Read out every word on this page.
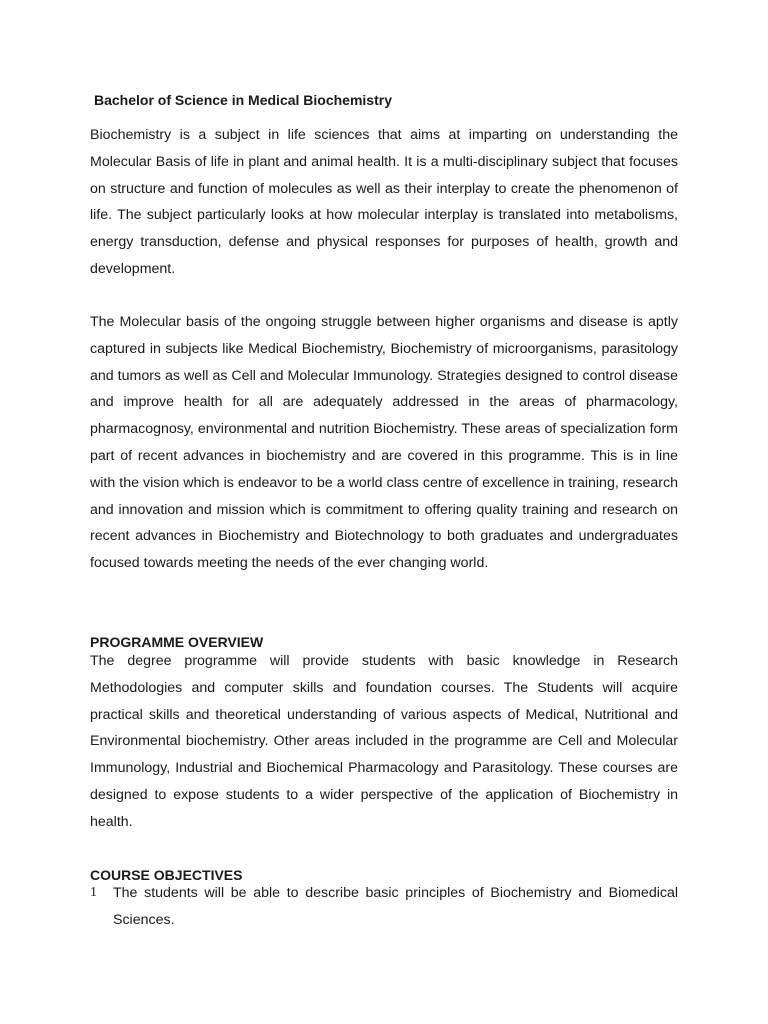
Bachelor of Science in Medical Biochemistry

Biochemistry is a subject in life sciences that aims at imparting on understanding the Molecular Basis of life in plant and animal health. It is a multi-disciplinary subject that focuses on structure and function of molecules as well as their interplay to create the phenomenon of life. The subject particularly looks at how molecular interplay is translated into metabolisms, energy transduction, defense and physical responses for purposes of health, growth and development.

The Molecular basis of the ongoing struggle between higher organisms and disease is aptly captured in subjects like Medical Biochemistry, Biochemistry of microorganisms, parasitology and tumors as well as Cell and Molecular Immunology. Strategies designed to control disease and improve health for all are adequately addressed in the areas of pharmacology, pharmacognosy, environmental and nutrition Biochemistry. These areas of specialization form part of recent advances in biochemistry and are covered in this programme. This is in line with the vision which is endeavor to be a world class centre of excellence in training, research and innovation and mission which is commitment to offering quality training and research on recent advances in Biochemistry and Biotechnology to both graduates and undergraduates focused towards meeting the needs of the ever changing world.

PROGRAMME OVERVIEW

The degree programme will provide students with basic knowledge in Research Methodologies and computer skills and foundation courses. The Students will acquire practical skills and theoretical understanding of various aspects of Medical, Nutritional and Environmental biochemistry. Other areas included in the programme are Cell and Molecular Immunology, Industrial and Biochemical Pharmacology and Parasitology. These courses are designed to expose students to a wider perspective of the application of Biochemistry in health.

COURSE OBJECTIVES
1 The students will be able to describe basic principles of Biochemistry and Biomedical Sciences.
